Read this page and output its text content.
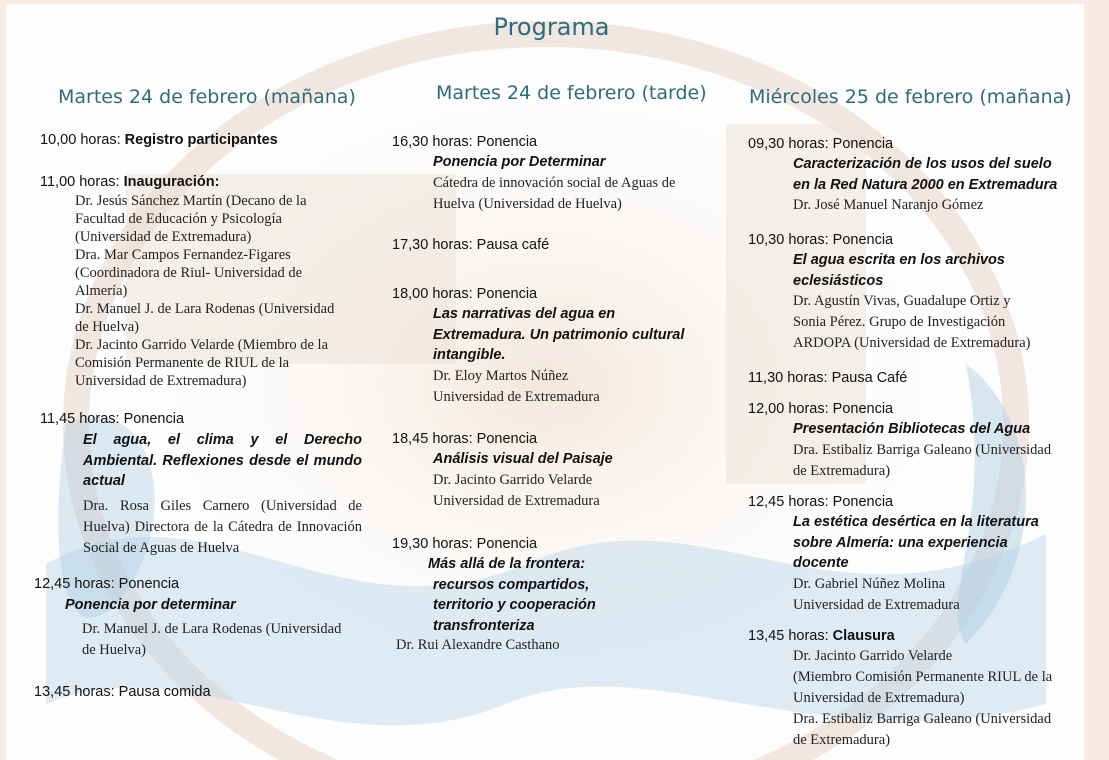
Programa
Martes 24 de febrero (mañana)
10,00 horas: Registro participantes
11,00 horas: Inauguración:
Dr. Jesús Sánchez Martín (Decano de la
Facultad de Educación y Psicología
(Universidad de Extremadura)
Dra. Mar Campos Fernandez-Figares
(Coordinadora de Riul- Universidad de
Almería)
Dr. Manuel J. de Lara Rodenas (Universidad
de Huelva)
Dr. Jacinto Garrido Velarde (Miembro de la
Comisión Permanente de RIUL de la
Universidad de Extremadura)
11,45 horas: Ponencia
El agua, el clima y el Derecho Ambiental. Reflexiones desde el mundo actual
Dra. Rosa Giles Carnero (Universidad de Huelva) Directora de la Cátedra de Innovación Social de Aguas de Huelva
12,45 horas: Ponencia
Ponencia por determinar
Dr. Manuel J. de Lara Rodenas (Universidad
de Huelva)
13,45 horas: Pausa comida
Martes 24 de febrero (tarde)
16,30 horas: Ponencia
Ponencia por Determinar
Cátedra de innovación social de Aguas de
Huelva (Universidad de Huelva)
17,30 horas: Pausa café
18,00 horas: Ponencia
Las narrativas del agua en
Extremadura. Un patrimonio cultural
intangible.
Dr. Eloy Martos Núñez
Universidad de Extremadura
18,45 horas: Ponencia
Análisis visual del Paisaje
Dr. Jacinto Garrido Velarde
Universidad de Extremadura
19,30 horas: Ponencia
Más allá de la frontera:
recursos compartidos,
territorio y cooperación
transfronteriza
Dr. Rui Alexandre Casthano
Miércoles 25 de febrero (mañana)
09,30 horas: Ponencia
Caracterización de los usos del suelo
en la Red Natura 2000 en Extremadura
Dr. José Manuel Naranjo Gómez
10,30 horas: Ponencia
El agua escrita en los archivos
eclesiásticos
Dr. Agustín Vivas, Guadalupe Ortiz y
Sonia Pérez. Grupo de Investigación
ARDOPA (Universidad de Extremadura)
11,30 horas: Pausa Café
12,00 horas: Ponencia
Presentación Bibliotecas del Agua
Dra. Estibaliz Barriga Galeano (Universidad
de Extremadura)
12,45 horas: Ponencia
La estética desértica en la literatura
sobre Almería: una experiencia
docente
Dr. Gabriel Núñez Molina
Universidad de Extremadura
13,45 horas: Clausura
Dr. Jacinto Garrido Velarde
(Miembro Comisión Permanente RIUL de la
Universidad de Extremadura)
Dra. Estibaliz Barriga Galeano (Universidad
de Extremadura)
